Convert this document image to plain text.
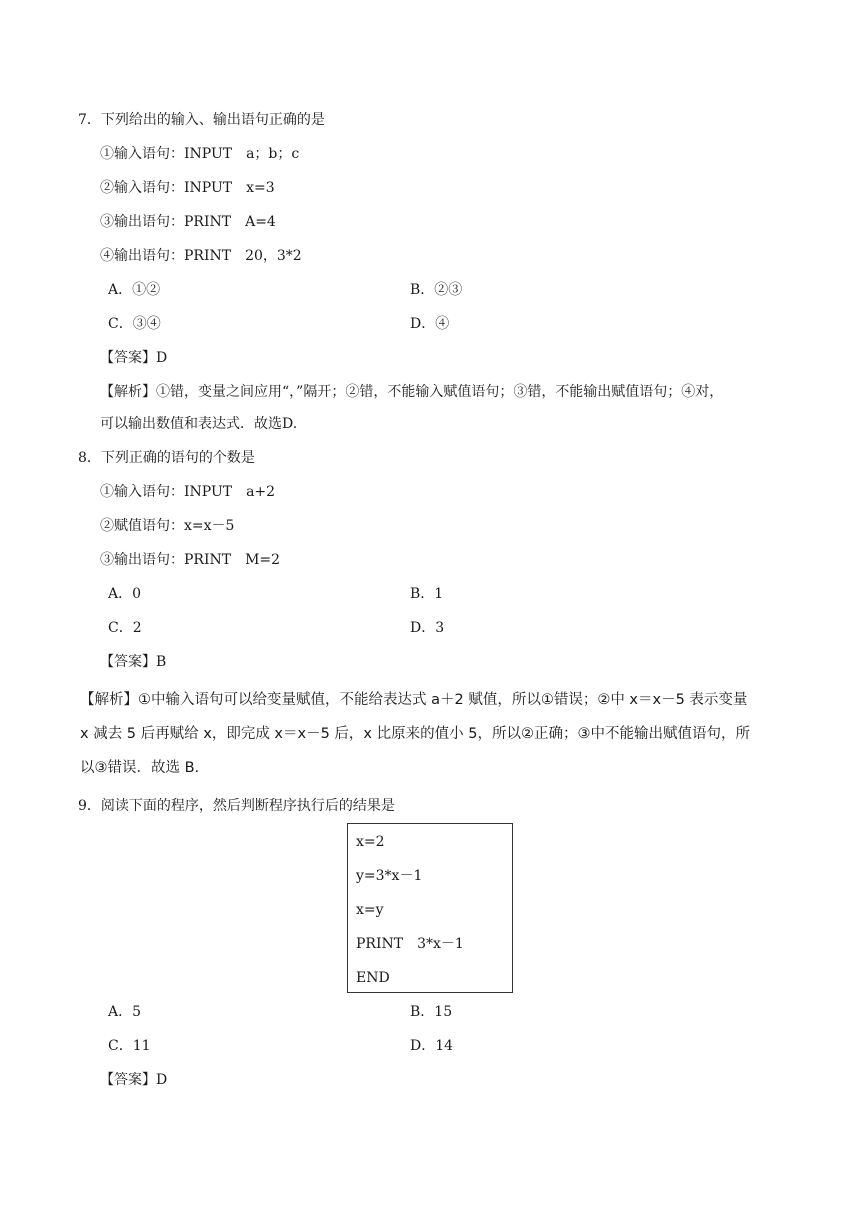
7．下列给出的输入、输出语句正确的是
①输入语句：INPUT　a；b；c
②输入语句：INPUT　x=3
③输出语句：PRINT　A=4
④输出语句：PRINT　20，3*2
A．①②	B．②③
C．③④	D．④
【答案】D
【解析】①错，变量之间应用“，”隔开；②错，不能输入赋值语句；③错，不能输出赋值语句；④对，
可以输出数值和表达式．故选D.
8．下列正确的语句的个数是
①输入语句：INPUT　a+2
②赋值语句：x=x－5
③输出语句：PRINT　M=2
A．0	B．1
C．2	D．3
【答案】B
【解析】①中输入语句可以给变量赋值，不能给表达式 a＋2 赋值，所以①错误；②中 x＝x－5 表示变量
x 减去 5 后再赋给 x，即完成 x＝x－5 后，x 比原来的值小 5，所以②正确；③中不能输出赋值语句，所
以③错误．故选 B.
9．阅读下面的程序，然后判断程序执行后的结果是
x=2
y=3*x－1
x=y
PRINT　3*x－1
END
A．5	B．15
C．11	D．14
【答案】D
